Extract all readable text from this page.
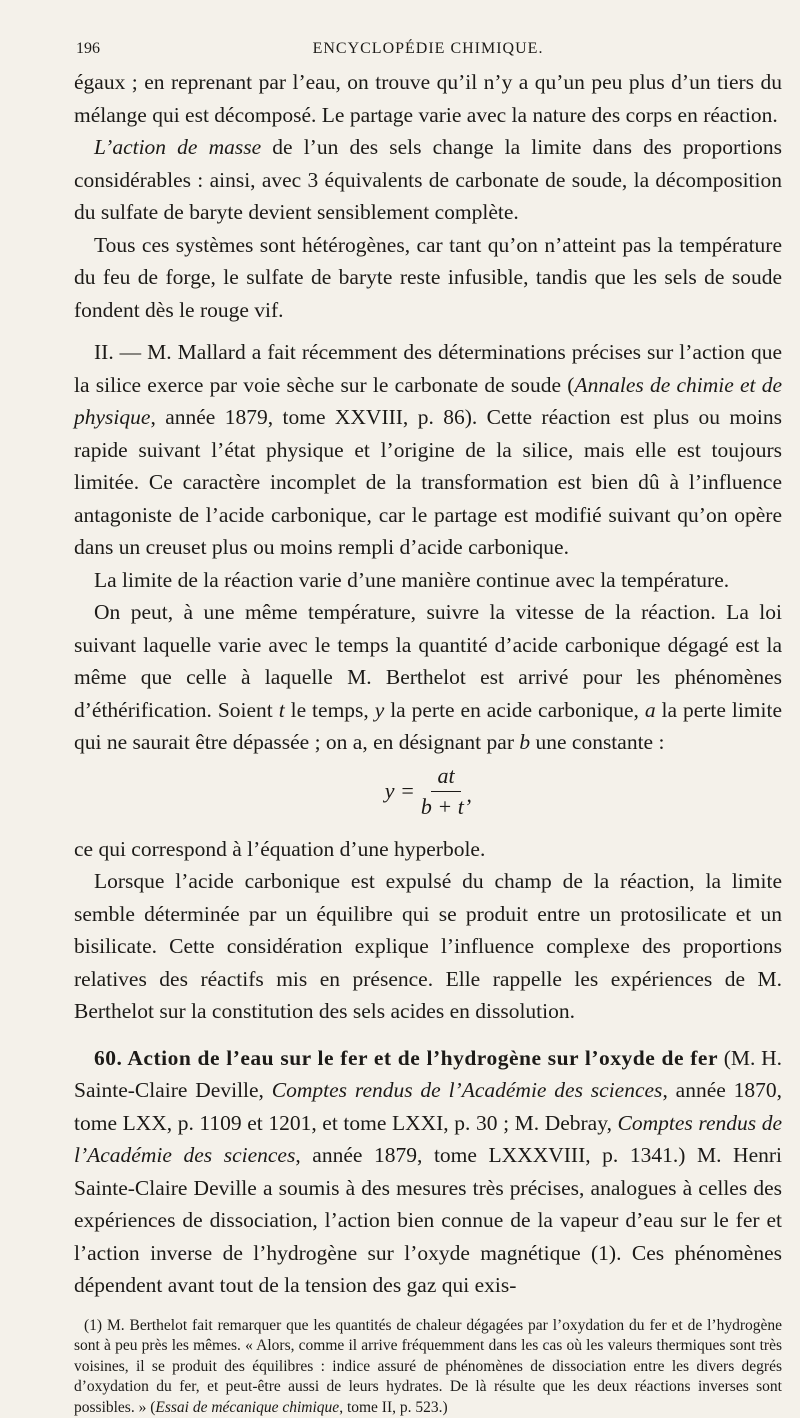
196	ENCYCLOPÉDIE CHIMIQUE.

égaux ; en reprenant par l’eau, on trouve qu’il n’y a qu’un peu plus d’un tiers du mélange qui est décomposé. Le partage varie avec la nature des corps en réaction.

L’action de masse de l’un des sels change la limite dans des proportions considérables : ainsi, avec 3 équivalents de carbonate de soude, la décomposition du sulfate de baryte devient sensiblement complète.

Tous ces systèmes sont hétérogènes, car tant qu’on n’atteint pas la température du feu de forge, le sulfate de baryte reste infusible, tandis que les sels de soude fondent dès le rouge vif.

II. — M. Mallard a fait récemment des déterminations précises sur l’action que la silice exerce par voie sèche sur le carbonate de soude (Annales de chimie et de physique, année 1879, tome XXVIII, p. 86). Cette réaction est plus ou moins rapide suivant l’état physique et l’origine de la silice, mais elle est toujours limitée. Ce caractère incomplet de la transformation est bien dû à l’influence antagoniste de l’acide carbonique, car le partage est modifié suivant qu’on opère dans un creuset plus ou moins rempli d’acide carbonique.

La limite de la réaction varie d’une manière continue avec la température.

On peut, à une même température, suivre la vitesse de la réaction. La loi suivant laquelle varie avec le temps la quantité d’acide carbonique dégagé est la même que celle à laquelle M. Berthelot est arrivé pour les phénomènes d’éthérification. Soient t le temps, y la perte en acide carbonique, a la perte limite qui ne saurait être dépassée ; on a, en désignant par b une constante :

$y = \frac{at}{b + t’}$

ce qui correspond à l’équation d’une hyperbole.

Lorsque l’acide carbonique est expulsé du champ de la réaction, la limite semble déterminée par un équilibre qui se produit entre un protosilicate et un bisilicate. Cette considération explique l’influence complexe des proportions relatives des réactifs mis en présence. Elle rappelle les expériences de M. Berthelot sur la constitution des sels acides en dissolution.

60. Action de l’eau sur le fer et de l’hydrogène sur l’oxyde de fer (M. H. Sainte-Claire Deville, Comptes rendus de l’Académie des sciences, année 1870, tome LXX, p. 1109 et 1201, et tome LXXI, p. 30 ; M. Debray, Comptes rendus de l’Académie des sciences, année 1879, tome LXXXVIII, p. 1341.) M. Henri Sainte-Claire Deville a soumis à des mesures très précises, analogues à celles des expériences de dissociation, l’action bien connue de la vapeur d’eau sur le fer et l’action inverse de l’hydrogène sur l’oxyde magnétique (1). Ces phénomènes dépendent avant tout de la tension des gaz qui exis-

(1) M. Berthelot fait remarquer que les quantités de chaleur dégagées par l’oxydation du fer et de l’hydrogène sont à peu près les mêmes. « Alors, comme il arrive fréquemment dans les cas où les valeurs thermiques sont très voisines, il se produit des équilibres : indice assuré de phénomènes de dissociation entre les divers degrés d’oxydation du fer, et peut-être aussi de leurs hydrates. De là résulte que les deux réactions inverses sont possibles. » (Essai de mécanique chimique, tome II, p. 523.)
